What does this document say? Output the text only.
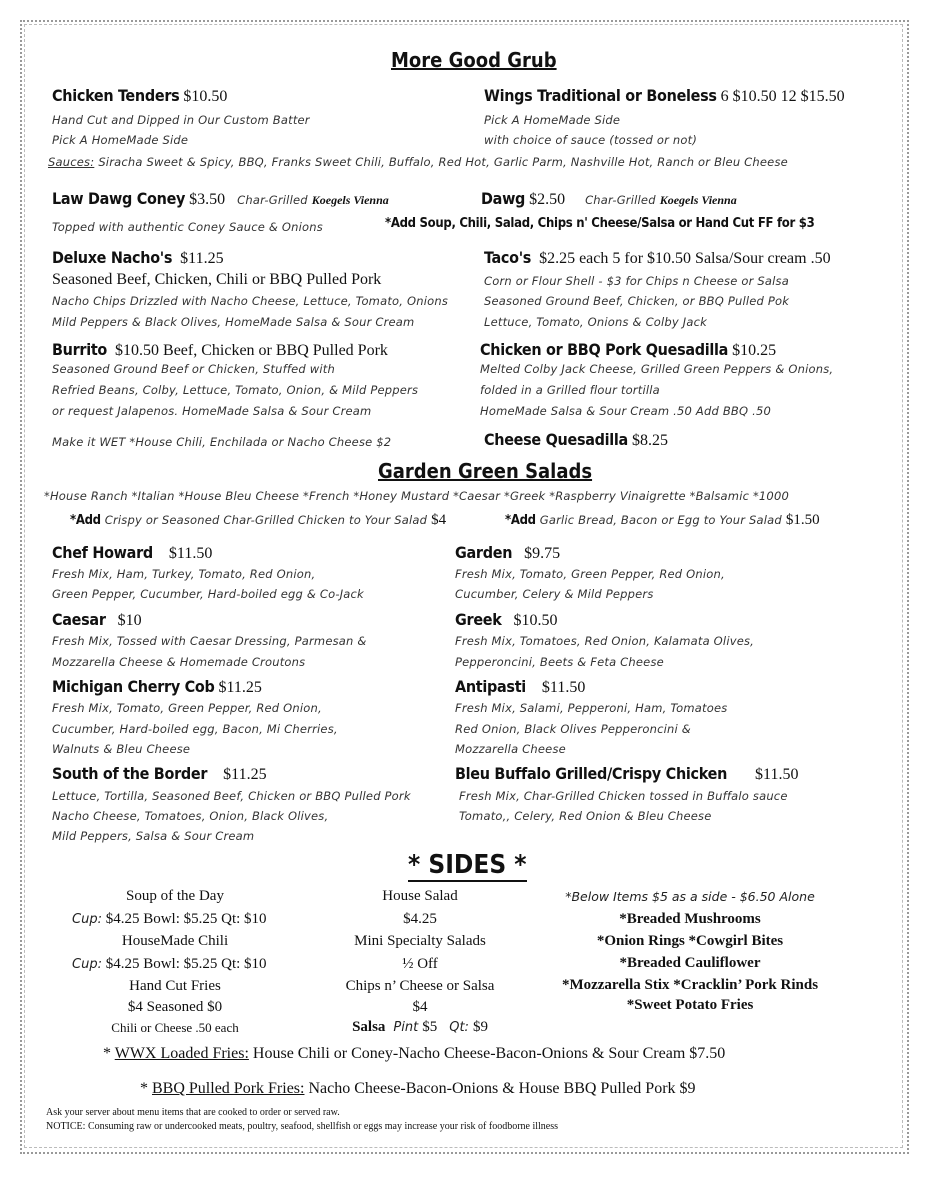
More Good Grub
Chicken Tenders $10.50
Hand Cut and Dipped in Our Custom Batter
Pick A HomeMade Side
Wings Traditional or Boneless 6 $10.50 12 $15.50
Pick A HomeMade Side
with choice of sauce (tossed or not)
Sauces: Siracha Sweet & Spicy, BBQ, Franks Sweet Chili, Buffalo, Red Hot, Garlic Parm, Nashville Hot, Ranch or Bleu Cheese
Law Dawg Coney $3.50 Char-Grilled Koegels Vienna
Topped with authentic Coney Sauce & Onions
Dawg $2.50 Char-Grilled Koegels Vienna
*Add Soup, Chili, Salad, Chips n' Cheese/Salsa or Hand Cut FF for $3
Deluxe Nacho's $11.25
Seasoned Beef, Chicken, Chili or BBQ Pulled Pork
Nacho Chips Drizzled with Nacho Cheese, Lettuce, Tomato, Onions
Mild Peppers & Black Olives, HomeMade Salsa & Sour Cream
Taco's $2.25 each 5 for $10.50 Salsa/Sour cream .50
Corn or Flour Shell - $3 for Chips n Cheese or Salsa
Seasoned Ground Beef, Chicken, or BBQ Pulled Pok
Lettuce, Tomato, Onions & Colby Jack
Burrito $10.50 Beef, Chicken or BBQ Pulled Pork
Seasoned Ground Beef or Chicken, Stuffed with
Refried Beans, Colby, Lettuce, Tomato, Onion, & Mild Peppers
or request Jalapenos. HomeMade Salsa & Sour Cream
Make it WET *House Chili, Enchilada or Nacho Cheese $2
Chicken or BBQ Pork Quesadilla $10.25
Melted Colby Jack Cheese, Grilled Green Peppers & Onions,
folded in a Grilled flour tortilla
HomeMade Salsa & Sour Cream .50 Add BBQ .50
Cheese Quesadilla $8.25
Garden Green Salads
*House Ranch *Italian *House Bleu Cheese *French *Honey Mustard *Caesar *Greek *Raspberry Vinaigrette *Balsamic *1000
*Add Crispy or Seasoned Char-Grilled Chicken to Your Salad $4	*Add Garlic Bread, Bacon or Egg to Your Salad $1.50
Chef Howard $11.50
Fresh Mix, Ham, Turkey, Tomato, Red Onion,
Green Pepper, Cucumber, Hard-boiled egg & Co-Jack
Garden $9.75
Fresh Mix, Tomato, Green Pepper, Red Onion,
Cucumber, Celery & Mild Peppers
Caesar $10
Fresh Mix, Tossed with Caesar Dressing, Parmesan &
Mozzarella Cheese & Homemade Croutons
Greek $10.50
Fresh Mix, Tomatoes, Red Onion, Kalamata Olives,
Pepperoncini, Beets & Feta Cheese
Michigan Cherry Cob $11.25
Fresh Mix, Tomato, Green Pepper, Red Onion,
Cucumber, Hard-boiled egg, Bacon, Mi Cherries,
Walnuts & Bleu Cheese
Antipasti $11.50
Fresh Mix, Salami, Pepperoni, Ham, Tomatoes
Red Onion, Black Olives Pepperoncini &
Mozzarella Cheese
South of the Border $11.25
Lettuce, Tortilla, Seasoned Beef, Chicken or BBQ Pulled Pork
Nacho Cheese, Tomatoes, Onion, Black Olives,
Mild Peppers, Salsa & Sour Cream
Bleu Buffalo Grilled/Crispy Chicken $11.50
Fresh Mix, Char-Grilled Chicken tossed in Buffalo sauce
Tomato,, Celery, Red Onion & Bleu Cheese
* SIDES *
Soup of the Day
Cup: $4.25 Bowl: $5.25 Qt: $10
HouseMade Chili
Cup: $4.25 Bowl: $5.25 Qt: $10
Hand Cut Fries
$4 Seasoned $0
Chili or Cheese .50 each
House Salad
$4.25
Mini Specialty Salads
½ Off
Chips n’ Cheese or Salsa
$4
Salsa Pint $5 Qt: $9
*Below Items $5 as a side - $6.50 Alone
*Breaded Mushrooms
*Onion Rings *Cowgirl Bites
*Breaded Cauliflower
*Mozzarella Stix *Cracklin’ Pork Rinds
*Sweet Potato Fries
* WWX Loaded Fries: House Chili or Coney-Nacho Cheese-Bacon-Onions & Sour Cream $7.50
* BBQ Pulled Pork Fries: Nacho Cheese-Bacon-Onions & House BBQ Pulled Pork $9
Ask your server about menu items that are cooked to order or served raw.
NOTICE: Consuming raw or undercooked meats, poultry, seafood, shellfish or eggs may increase your risk of foodborne illness
